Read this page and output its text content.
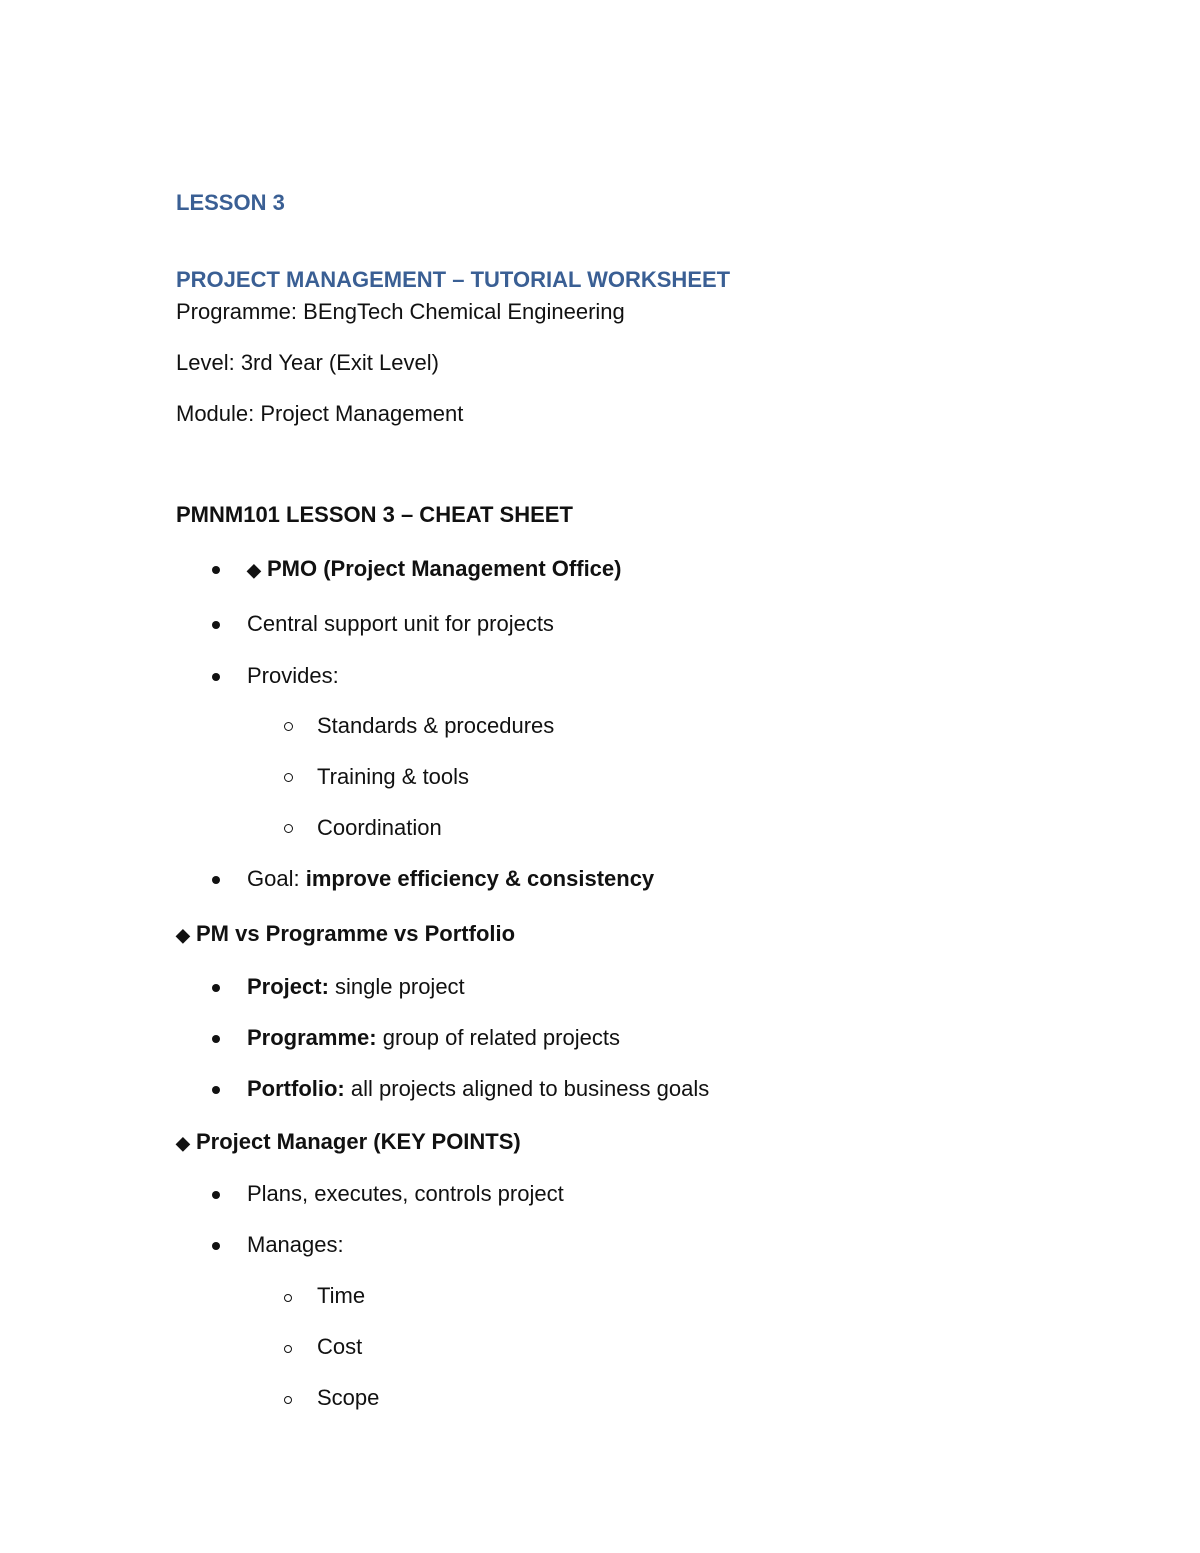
LESSON 3
PROJECT MANAGEMENT – TUTORIAL WORKSHEET
Programme: BEngTech Chemical Engineering
Level: 3rd Year (Exit Level)
Module: Project Management
PMNM101 LESSON 3 – CHEAT SHEET
◆ PMO (Project Management Office)
Central support unit for projects
Provides:
Standards & procedures
Training & tools
Coordination
Goal: improve efficiency & consistency
◆ PM vs Programme vs Portfolio
Project: single project
Programme: group of related projects
Portfolio: all projects aligned to business goals
◆ Project Manager (KEY POINTS)
Plans, executes, controls project
Manages:
Time
Cost
Scope
